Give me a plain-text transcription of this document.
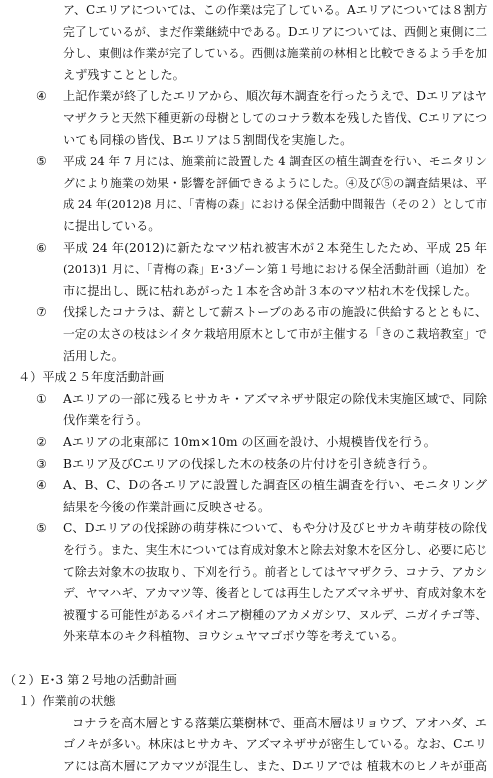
ア、Cエリアについては、この作業は完了している。Aエリアについては８割方
完了しているが、まだ作業継続中である。Dエリアについては、西側と東側に二
分し、東側は作業が完了している。西側は施業前の林相と比較できるよう手を加
えず残すこととした。
④ 上記作業が終了したエリアから、順次毎木調査を行ったうえで、Dエリアはヤ
マザクラと天然下種更新の母樹としてのコナラ数本を残した皆伐、Cエリアにつ
いても同様の皆伐、Bエリアは５割間伐を実施した。
⑤ 平成 24 年 7 月には、施業前に設置した 4 調査区の植生調査を行い、モニタリン
グにより施業の効果・影響を評価できるようにした。④及び⑤の調査結果は、平
成 24 年(2012)8 月に、「青梅の森」における保全活動中間報告（その２）として市
に提出している。
⑥ 平成 24 年(2012)に新たなマツ枯れ被害木が２本発生したため、平成 25 年
(2013)1 月に、「青梅の森」E･3ゾーン第１号地における保全活動計画（追加）を
市に提出し、既に枯れあがった１本を含め計３本のマツ枯れ木を伐採した。
⑦ 伐採したコナラは、薪として薪ストーブのある市の施設に供給するとともに、
一定の太さの枝はシイタケ栽培用原木として市が主催する「きのこ栽培教室」で
活用した。
４）平成２５年度活動計画
① Aエリアの一部に残るヒサカキ・アズマネザサ限定の除伐未実施区域で、同除
伐作業を行う。
② Aエリアの北東部に 10m×10m の区画を設け、小規模皆伐を行う。
③ Bエリア及びCエリアの伐採した木の枝条の片付けを引き続き行う。
④ A、B、C、Dの各エリアに設置した調査区の植生調査を行い、モニタリング
結果を今後の作業計画に反映させる。
⑤ C、Dエリアの伐採跡の萌芽株について、もや分け及びヒサカキ萌芽枝の除伐
を行う。また、実生木については育成対象木と除去対象木を区分し、必要に応じ
て除去対象木の抜取り、下刈を行う。前者としてはヤマザクラ、コナラ、アカシ
デ、ヤマハギ、アカマツ等、後者としては再生したアズマネザサ、育成対象木を
被覆する可能性があるパイオニア樹種のアカメガシワ、ヌルデ、ニガイチゴ等、
外来草本のキク科植物、ヨウシュヤマゴボウ等を考えている。
（２）E･3 第２号地の活動計画
１）作業前の状態
コナラを高木層とする落葉広葉樹林で、亜高木層はリョウブ、アオハダ、エ
ゴノキが多い。林床はヒサカキ、アズマネザサが密生している。なお、Cエリ
アには高木層にアカマツが混生し、また、Dエリアでは 植栽木のヒノキが亜高
